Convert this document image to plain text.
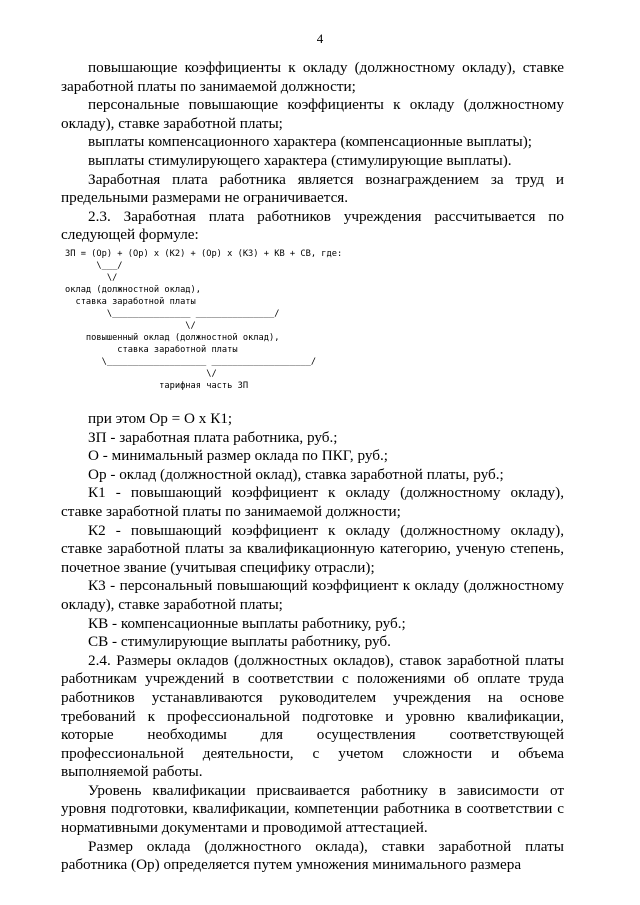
4

повышающие коэффициенты к окладу (должностному окладу), ставке заработной платы по занимаемой должности;

персональные повышающие коэффициенты к окладу (должностному окладу), ставке заработной платы;

выплаты компенсационного характера (компенсационные выплаты);

выплаты стимулирующего характера (стимулирующие выплаты).

Заработная плата работника является вознаграждением за труд и предельными размерами не ограничивается.

2.3. Заработная плата работников учреждения рассчитывается по следующей формуле:

ЗП = (Ор) + (Ор) х (К2) + (Ор) х (К3) + КВ + СВ, где:
\___/
\/
оклад (должностной оклад),
ставка заработной платы
\_______________ _______________/
\/
повышенный оклад (должностной оклад),
ставка заработной платы
\___________________ ___________________/
\/
тарифная часть ЗП

при этом Ор = О х К1;

ЗП - заработная плата работника, руб.;

О - минимальный размер оклада по ПКГ, руб.;

Ор - оклад (должностной оклад), ставка заработной платы, руб.;

К1 - повышающий коэффициент к окладу (должностному окладу), ставке заработной платы по занимаемой должности;

К2 - повышающий коэффициент к окладу (должностному окладу), ставке заработной платы за квалификационную категорию, ученую степень, почетное звание (учитывая специфику отрасли);

К3 - персональный повышающий коэффициент к окладу (должностному окладу), ставке заработной платы;

КВ - компенсационные выплаты работнику, руб.;

СВ - стимулирующие выплаты работнику, руб.

2.4. Размеры окладов (должностных окладов), ставок заработной платы работникам учреждений в соответствии с положениями об оплате труда работников устанавливаются руководителем учреждения на основе требований к профессиональной подготовке и уровню квалификации, которые необходимы для осуществления соответствующей профессиональной деятельности, с учетом сложности и объема выполняемой работы.

Уровень квалификации присваивается работнику в зависимости от уровня подготовки, квалификации, компетенции работника в соответствии с нормативными документами и проводимой аттестацией.

Размер оклада (должностного оклада), ставки заработной платы работника (Ор) определяется путем умножения минимального размера
